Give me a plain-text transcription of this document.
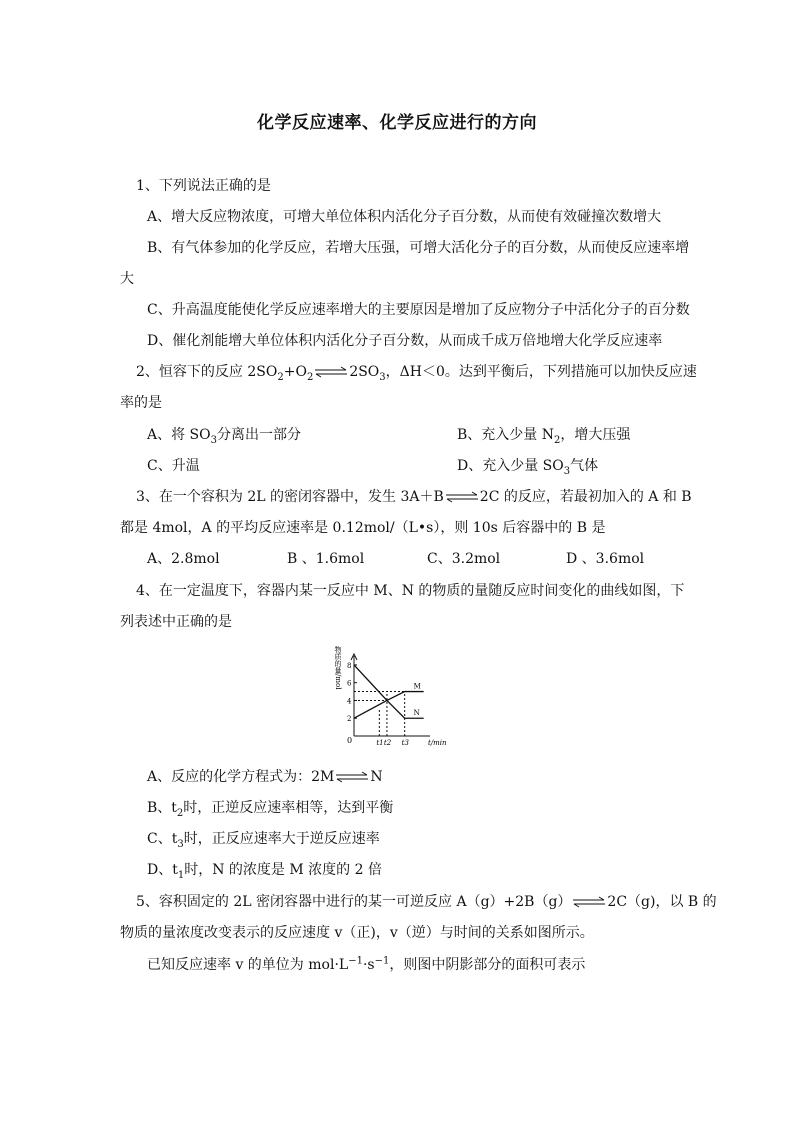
化学反应速率、化学反应进行的方向
1、下列说法正确的是
A、增大反应物浓度，可增大单位体积内活化分子百分数，从而使有效碰撞次数增大
B、有气体参加的化学反应，若增大压强，可增大活化分子的百分数，从而使反应速率增
大
C、升高温度能使化学反应速率增大的主要原因是增加了反应物分子中活化分子的百分数
D、催化剂能增大单位体积内活化分子百分数，从而成千成万倍地增大化学反应速率
2、恒容下的反应 $2SO_2+O_2\rightleftharpoons 2SO_3$，ΔH＜0。达到平衡后，下列措施可以加快反应速
率的是
A、将 $SO_3$分离出一部分	B、充入少量 $N_2$，增大压强
C、升温	D、充入少量 $SO_3$气体
3、在一个容积为 2L 的密闭容器中，发生 3A＋B⇌2C 的反应，若最初加入的 A 和 B
都是 4mol，A 的平均反应速率是 0.12mol/（L•s），则 10s 后容器中的 B 是
A、2.8mol	B 、1.6mol	C、3.2mol	D 、3.6mol
4、在一定温度下，容器内某一反应中 M、N 的物质的量随反应时间变化的曲线如图，下
列表述中正确的是
物质的量/mol
0
2
4
6
8
t1 t2 t3	t/min
M
N
A、反应的化学方程式为：2M⇌N
B、$t_2$时，正逆反应速率相等，达到平衡
C、$t_3$时，正反应速率大于逆反应速率
D、$t_1$时，N 的浓度是 M 浓度的 2 倍
5、容积固定的 2L 密闭容器中进行的某一可逆反应 A（g）+2B（g）⇌2C（g)，以 B 的
物质的量浓度改变表示的反应速度 v（正)，v（逆）与时间的关系如图所示。
已知反应速率 v 的单位为 $mol\cdot L^{-1}\cdot s^{-1}$，则图中阴影部分的面积可表示
